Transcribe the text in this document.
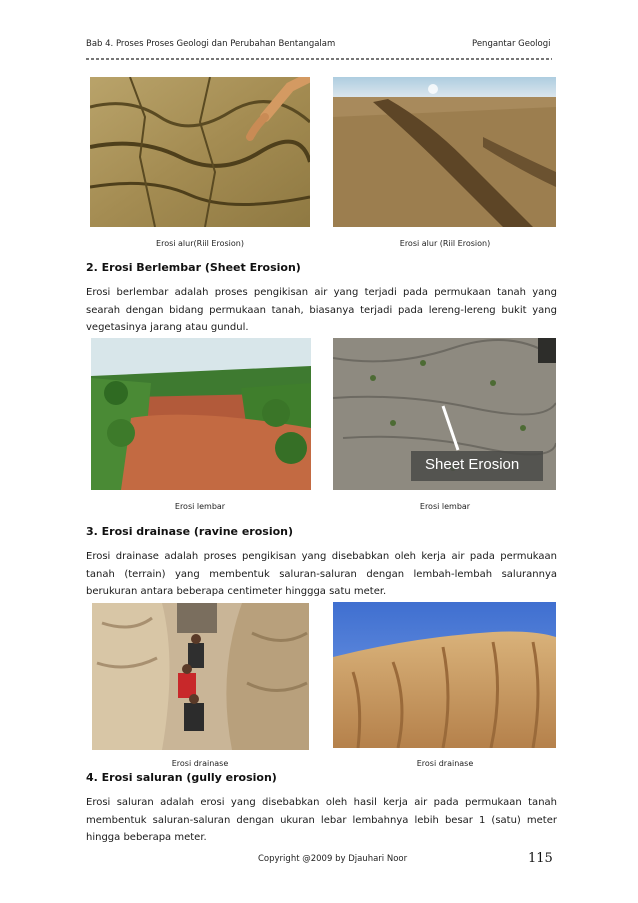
Bab 4. Proses Proses Geologi dan Perubahan Bentangalam	Pengantar Geologi
Erosi alur(Riil Erosion)	Erosi alur (Riil Erosion)
2. Erosi Berlembar (Sheet Erosion)
Erosi berlembar adalah proses pengikisan air yang terjadi pada permukaan tanah yang searah dengan bidang permukaan tanah, biasanya terjadi pada lereng-lereng bukit yang vegetasinya jarang atau gundul.
Sheet Erosion
Erosi lembar	Erosi lembar
3. Erosi drainase (ravine erosion)
Erosi drainase adalah proses pengikisan yang disebabkan oleh kerja air pada permukaan tanah (terrain) yang membentuk saluran-saluran dengan lembah-lembah salurannya berukuran antara beberapa centimeter hinggga satu meter.
Erosi drainase	Erosi drainase
4. Erosi saluran (gully erosion)
Erosi saluran adalah erosi yang disebabkan oleh hasil kerja air pada permukaan tanah membentuk saluran-saluran dengan ukuran lebar lembahnya lebih besar 1 (satu) meter hingga beberapa meter.
Copyright @2009 by Djauhari Noor	115
